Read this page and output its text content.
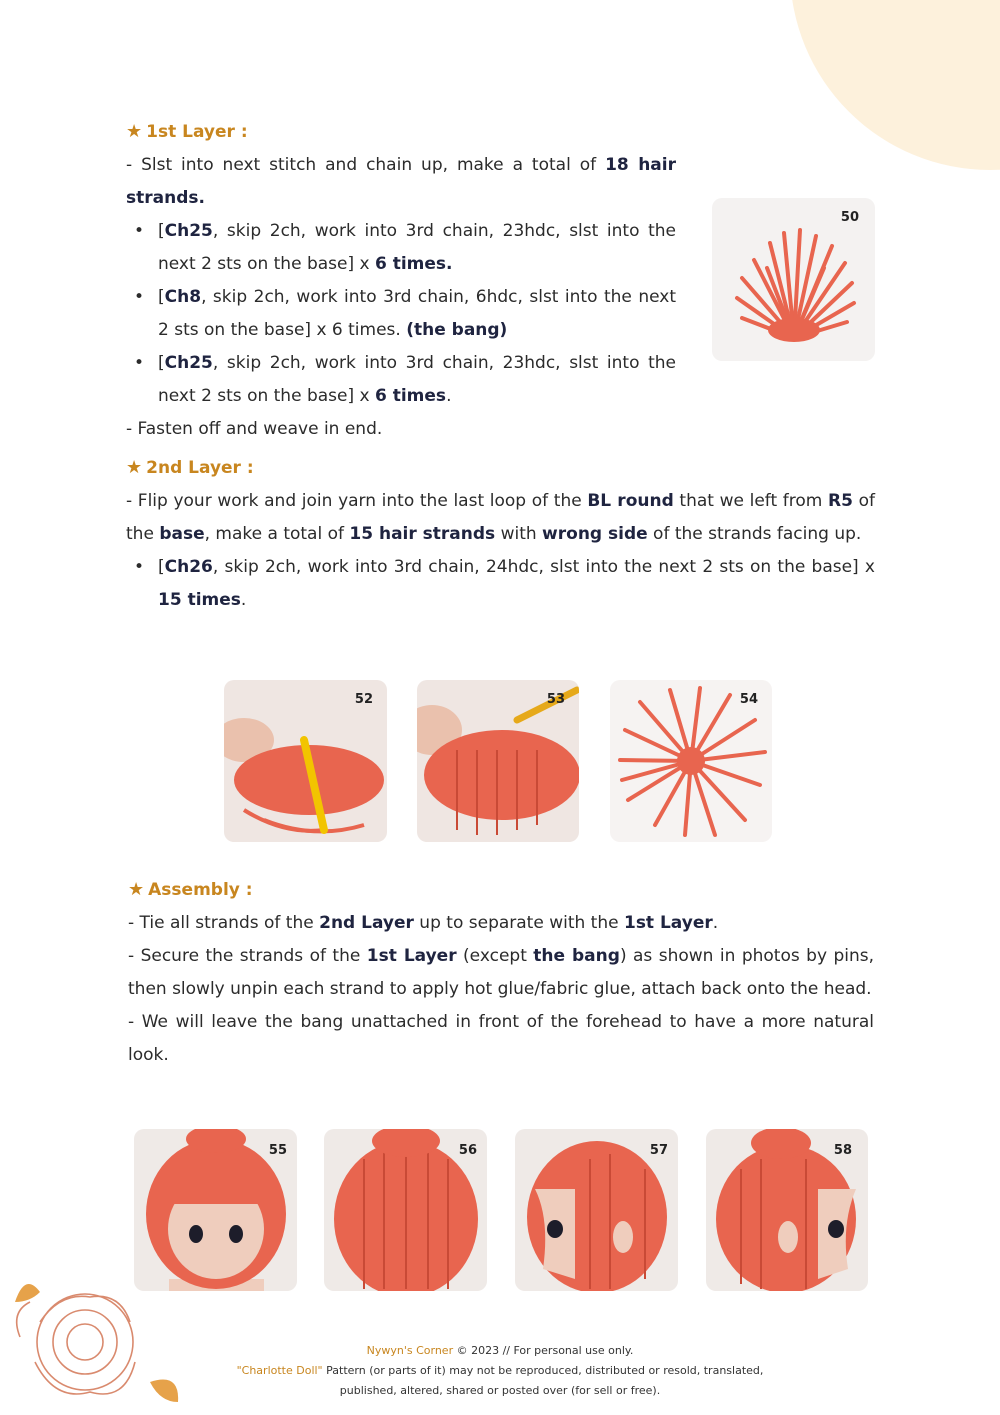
★ 1st Layer :
- Slst into next stitch and chain up, make a total of 18 hair strands.
• [Ch25, skip 2ch, work into 3rd chain, 23hdc, slst into the next 2 sts on the base] x 6 times.
• [Ch8, skip 2ch, work into 3rd chain, 6hdc, slst into the next 2 sts on the base] x 6 times. (the bang)
• [Ch25, skip 2ch, work into 3rd chain, 23hdc, slst into the next 2 sts on the base] x 6 times.
- Fasten off and weave in end.
50
★ 2nd Layer :
- Flip your work and join yarn into the last loop of the BL round that we left from R5 of the base, make a total of 15 hair strands with wrong side of the strands facing up.
• [Ch26, skip 2ch, work into 3rd chain, 24hdc, slst into the next 2 sts on the base] x 15 times.
52	53	54
★ Assembly :
- Tie all strands of the 2nd Layer up to separate with the 1st Layer.
- Secure the strands of the 1st Layer (except the bang) as shown in photos by pins, then slowly unpin each strand to apply hot glue/fabric glue, attach back onto the head.
- We will leave the bang unattached in front of the forehead to have a more natural look.
55	56	57	58
Nywyn's Corner © 2023 // For personal use only.
"Charlotte Doll" Pattern (or parts of it) may not be reproduced, distributed or resold, translated,
published, altered, shared or posted over (for sell or free).
